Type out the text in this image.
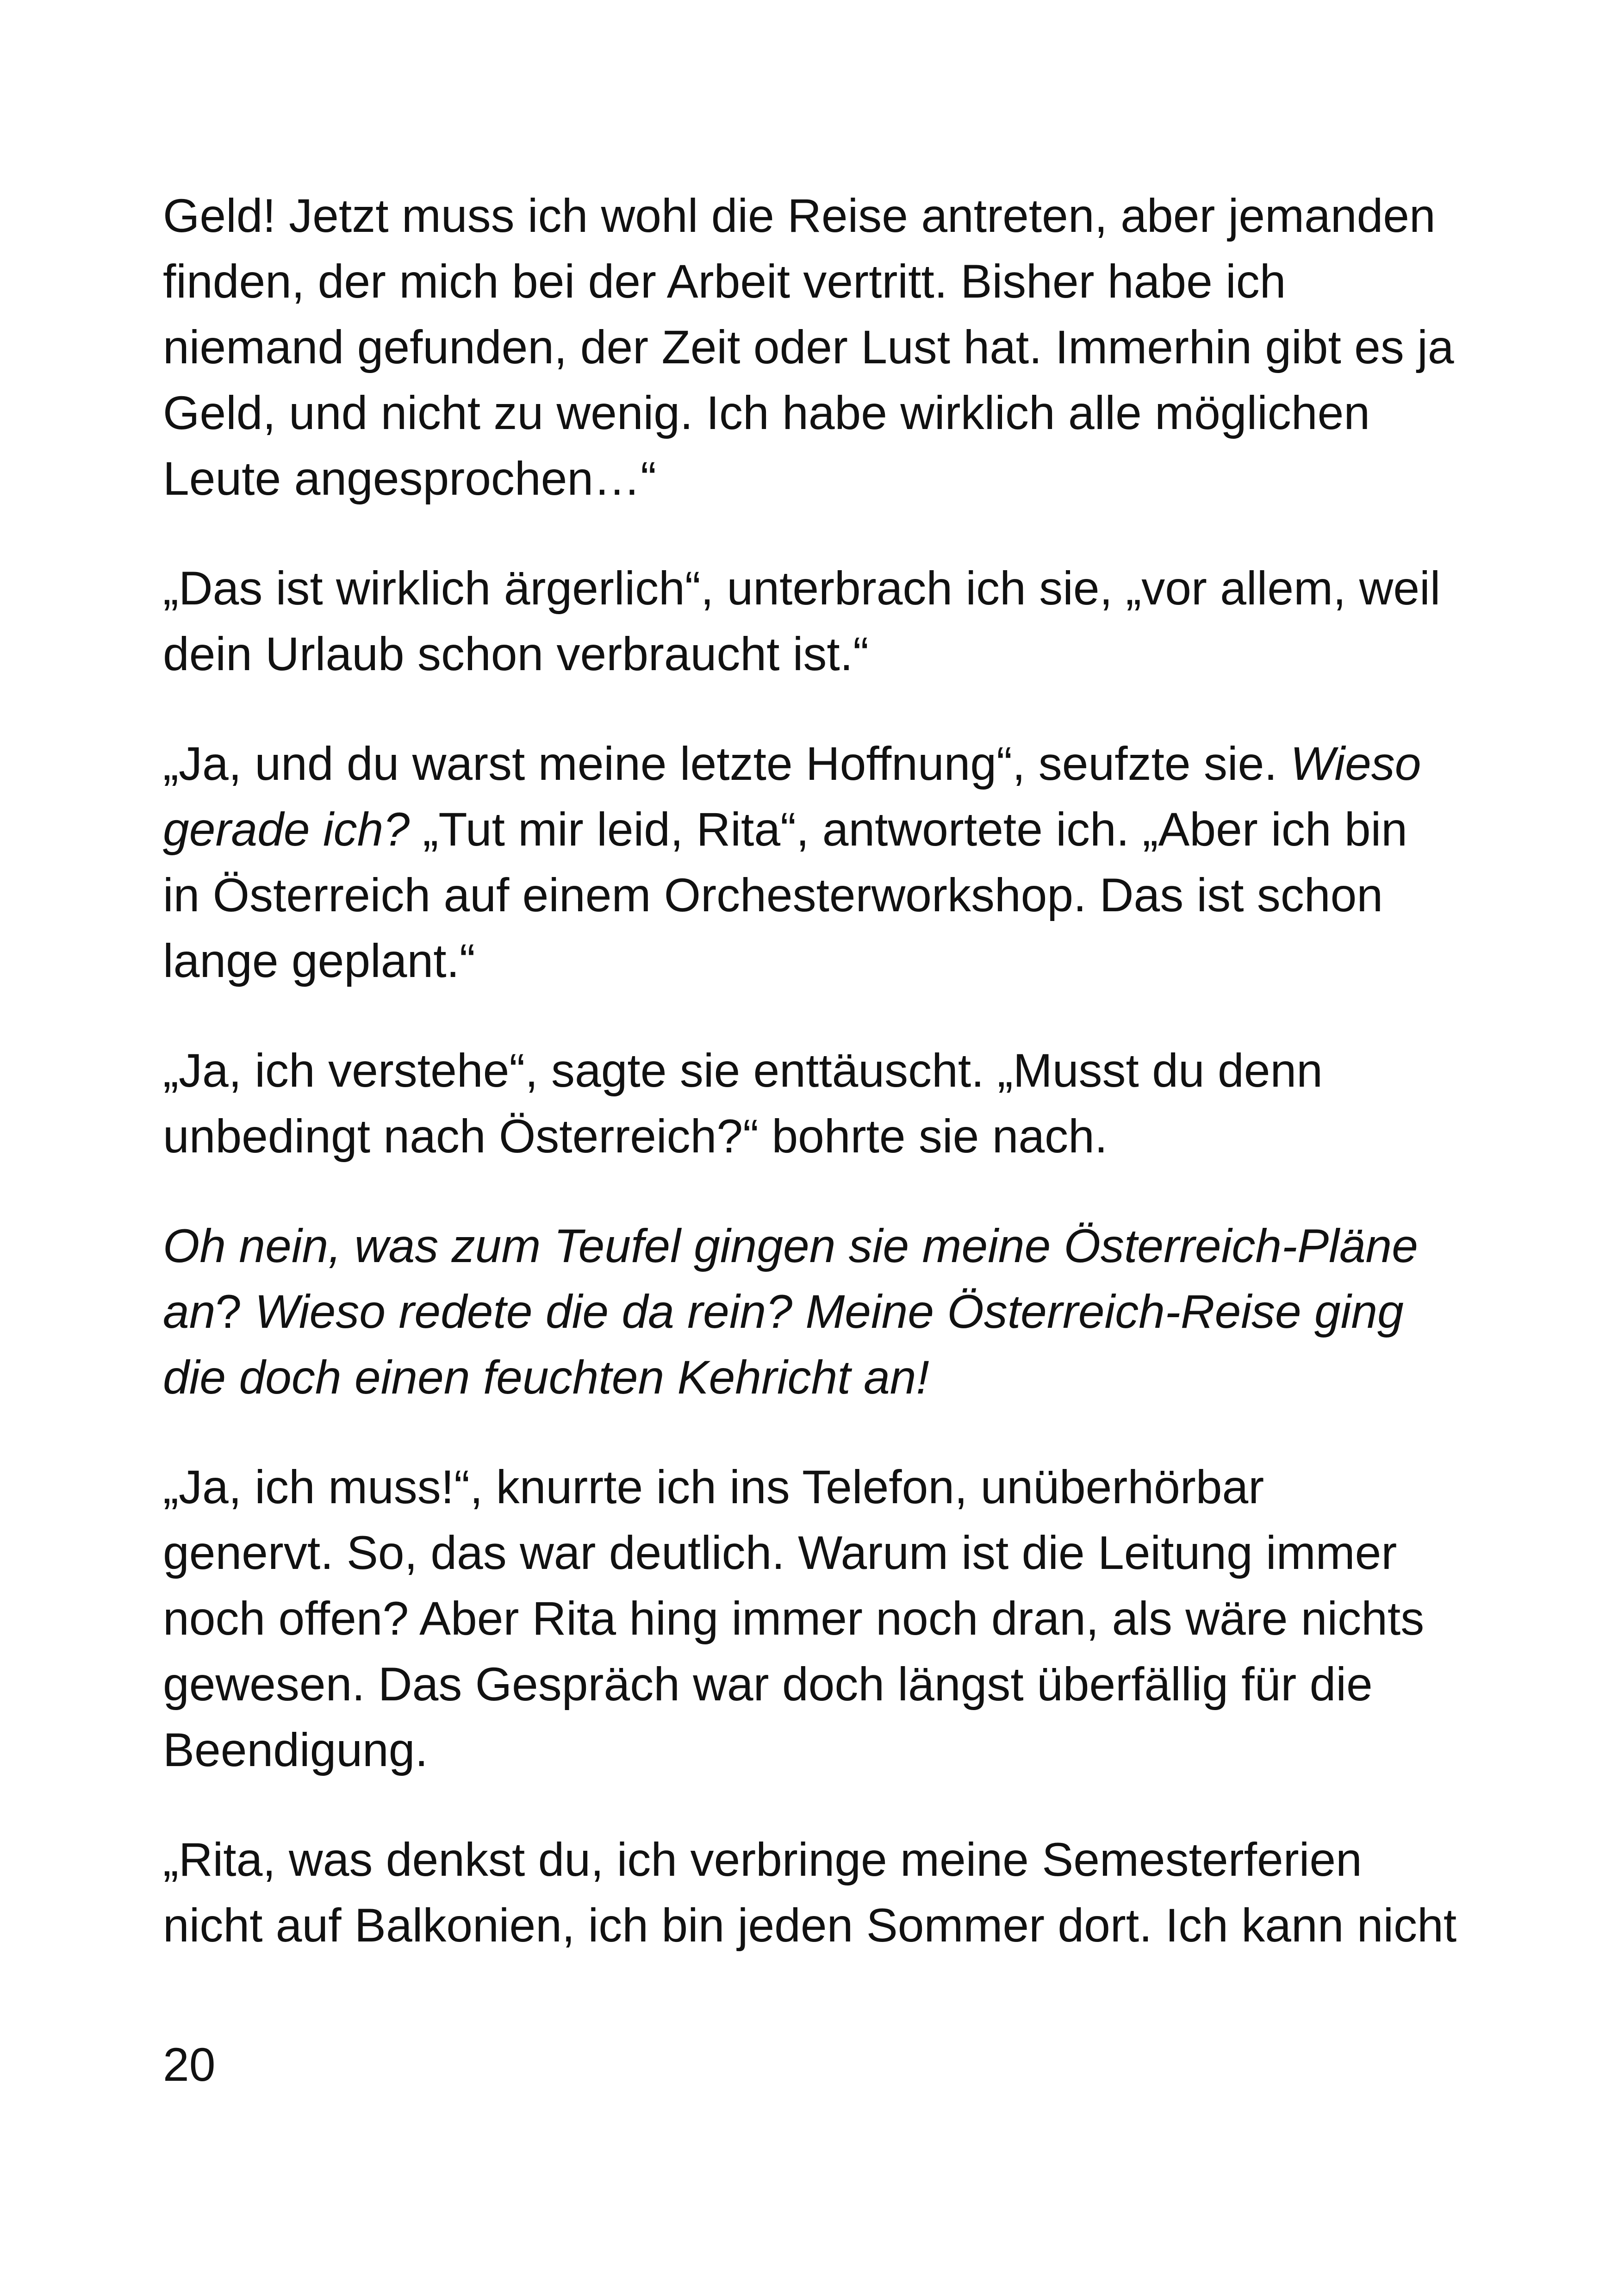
Geld! Jetzt muss ich wohl die Reise antreten, aber jemanden
finden, der mich bei der Arbeit vertritt. Bisher habe ich
niemand gefunden, der Zeit oder Lust hat. Immerhin gibt es ja
Geld, und nicht zu wenig. Ich habe wirklich alle möglichen
Leute angesprochen…“

„Das ist wirklich ärgerlich“, unterbrach ich sie, „vor allem, weil
dein Urlaub schon verbraucht ist.“

„Ja, und du warst meine letzte Hoffnung“, seufzte sie. Wieso
gerade ich? „Tut mir leid, Rita“, antwortete ich. „Aber ich bin
in Österreich auf einem Orchesterworkshop. Das ist schon
lange geplant.“

„Ja, ich verstehe“, sagte sie enttäuscht. „Musst du denn
unbedingt nach Österreich?“ bohrte sie nach.

Oh nein, was zum Teufel gingen sie meine Österreich-Pläne
an? Wieso redete die da rein? Meine Österreich-Reise ging
die doch einen feuchten Kehricht an!

„Ja, ich muss!“, knurrte ich ins Telefon, unüberhörbar
genervt. So, das war deutlich. Warum ist die Leitung immer
noch offen? Aber Rita hing immer noch dran, als wäre nichts
gewesen. Das Gespräch war doch längst überfällig für die
Beendigung.

„Rita, was denkst du, ich verbringe meine Semesterferien
nicht auf Balkonien, ich bin jeden Sommer dort. Ich kann nicht

20
